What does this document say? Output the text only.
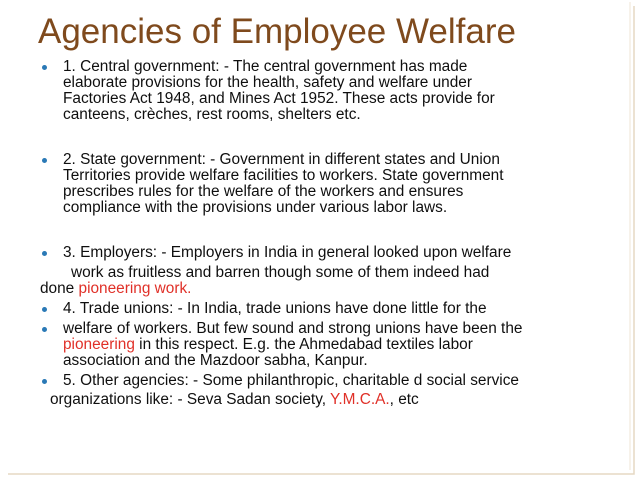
Agencies of Employee Welfare
1. Central government: - The central government has made
elaborate provisions for the health, safety and welfare under
Factories Act 1948, and Mines Act 1952. These acts provide for
canteens, crèches, rest rooms, shelters etc.
2. State government: - Government in different states and Union
Territories provide welfare facilities to workers. State government
prescribes rules for the welfare of the workers and ensures
compliance with the provisions under various labor laws.
3. Employers: - Employers in India in general looked upon welfare
work as fruitless and barren though some of them indeed had
done pioneering work.
4. Trade unions: - In India, trade unions have done little for the
welfare of workers. But few sound and strong unions have been the
pioneering in this respect. E.g. the Ahmedabad textiles labor
association and the Mazdoor sabha, Kanpur.
5. Other agencies: - Some philanthropic, charitable d social service
organizations like: - Seva Sadan society, Y.M.C.A., etc
